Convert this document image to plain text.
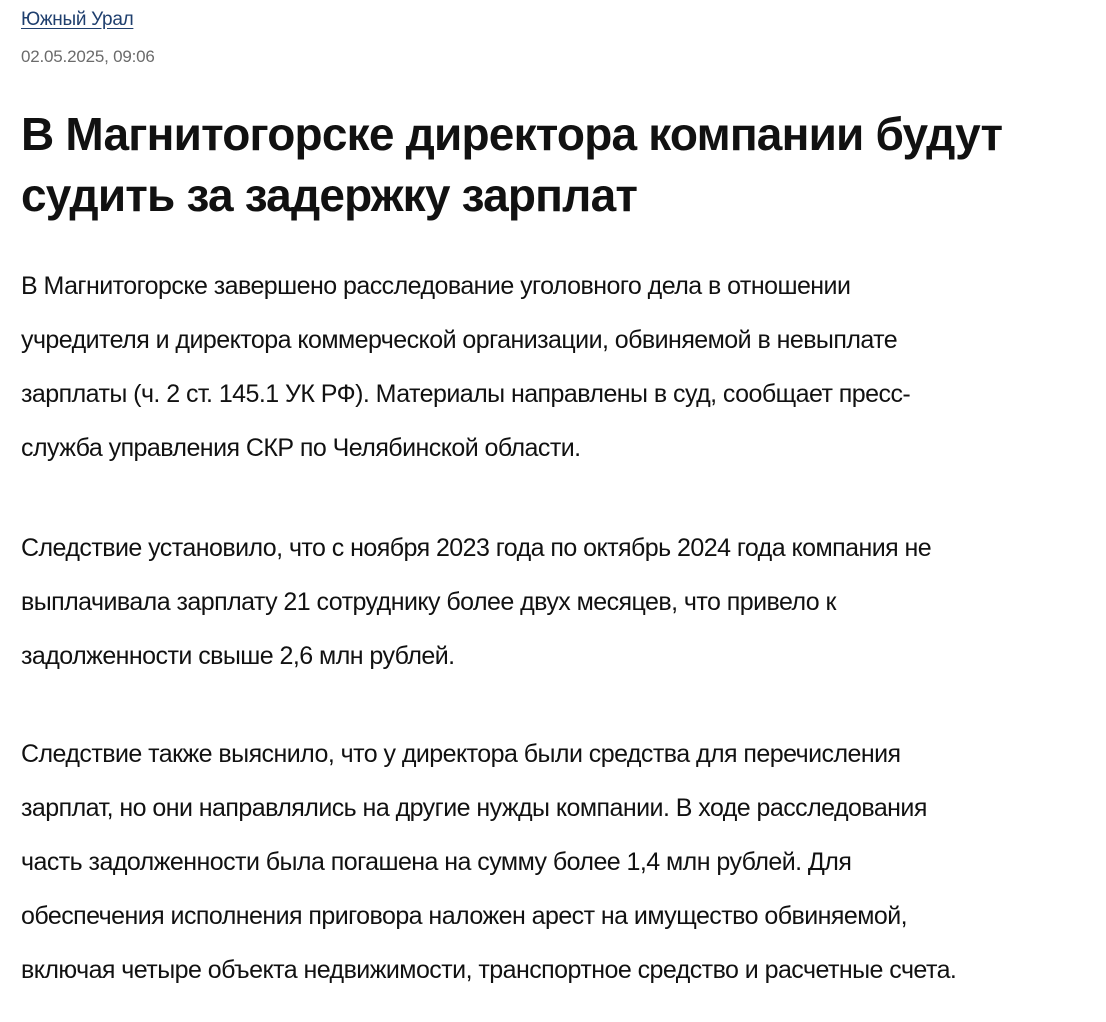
Южный Урал
02.05.2025, 09:06
В Магнитогорске директора компании будут
судить за задержку зарплат

В Магнитогорске завершено расследование уголовного дела в отношении
учредителя и директора коммерческой организации, обвиняемой в невыплате
зарплаты (ч. 2 ст. 145.1 УК РФ). Материалы направлены в суд, сообщает пресс-
служба управления СКР по Челябинской области.

Следствие установило, что с ноября 2023 года по октябрь 2024 года компания не
выплачивала зарплату 21 сотруднику более двух месяцев, что привело к
задолженности свыше 2,6 млн рублей.

Следствие также выяснило, что у директора были средства для перечисления
зарплат, но они направлялись на другие нужды компании. В ходе расследования
часть задолженности была погашена на сумму более 1,4 млн рублей. Для
обеспечения исполнения приговора наложен арест на имущество обвиняемой,
включая четыре объекта недвижимости, транспортное средство и расчетные счета.
